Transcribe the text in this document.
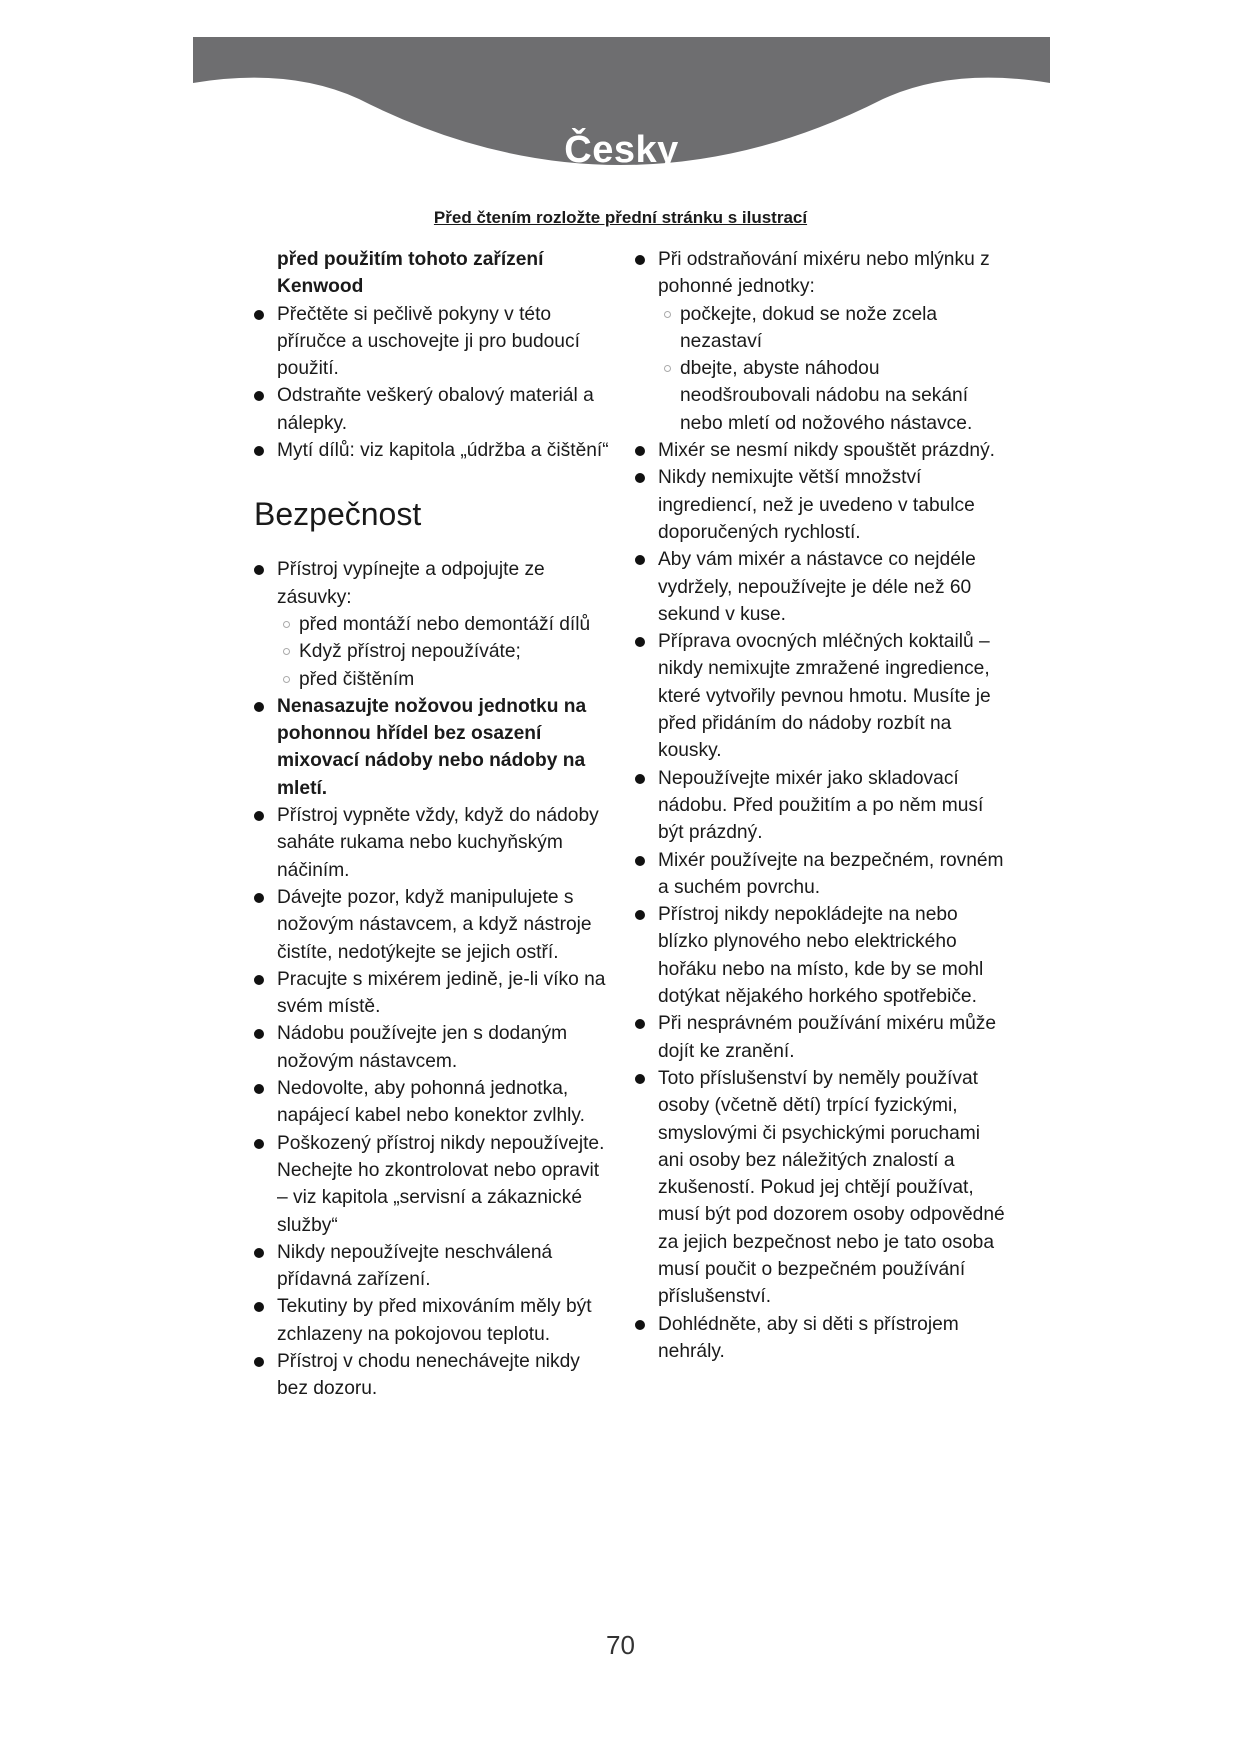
Česky
Před čtením rozložte přední stránku s ilustrací

před použitím tohoto zařízení Kenwood

Přečtěte si pečlivě pokyny v této příručce a uschovejte ji pro budoucí použití.

Odstraňte veškerý obalový materiál a nálepky.

Mytí dílů: viz kapitola „údržba a čištění“

Bezpečnost

Přístroj vypínejte a odpojujte ze zásuvky:

před montáží nebo demontáží dílů

Když přístroj nepoužíváte;

před čištěním

Nenasazujte nožovou jednotku na pohonnou hřídel bez osazení mixovací nádoby nebo nádoby na mletí.

Přístroj vypněte vždy, když do nádoby saháte rukama nebo kuchyňským náčiním.

Dávejte pozor, když manipulujete s nožovým nástavcem, a když nástroje čistíte, nedotýkejte se jejich ostří.

Pracujte s mixérem jedině, je-li víko na svém místě.

Nádobu používejte jen s dodaným nožovým nástavcem.

Nedovolte, aby pohonná jednotka, napájecí kabel nebo konektor zvlhly.

Poškozený přístroj nikdy nepoužívejte. Nechejte ho zkontrolovat nebo opravit – viz kapitola „servisní a zákaznické služby“

Nikdy nepoužívejte neschválená přídavná zařízení.

Tekutiny by před mixováním měly být zchlazeny na pokojovou teplotu.

Přístroj v chodu nenechávejte nikdy bez dozoru.

Při odstraňování mixéru nebo mlýnku z pohonné jednotky:

počkejte, dokud se nože zcela nezastaví

dbejte, abyste náhodou neodšroubovali nádobu na sekání nebo mletí od nožového nástavce.

Mixér se nesmí nikdy spouštět prázdný.

Nikdy nemixujte větší množství ingrediencí, než je uvedeno v tabulce doporučených rychlostí.

Aby vám mixér a nástavce co nejdéle vydržely, nepoužívejte je déle než 60 sekund v kuse.

Příprava ovocných mléčných koktailů – nikdy nemixujte zmražené ingredience, které vytvořily pevnou hmotu. Musíte je před přidáním do nádoby rozbít na kousky.

Nepoužívejte mixér jako skladovací nádobu. Před použitím a po něm musí být prázdný.

Mixér používejte na bezpečném, rovném a suchém povrchu.

Přístroj nikdy nepokládejte na nebo blízko plynového nebo elektrického hořáku nebo na místo, kde by se mohl dotýkat nějakého horkého spotřebiče.

Při nesprávném používání mixéru může dojít ke zranění.

Toto příslušenství by neměly používat osoby (včetně dětí) trpící fyzickými, smyslovými či psychickými poruchami ani osoby bez náležitých znalostí a zkušeností. Pokud jej chtějí používat, musí být pod dozorem osoby odpovědné za jejich bezpečnost nebo je tato osoba musí poučit o bezpečném používání příslušenství.

Dohlédněte, aby si děti s přístrojem nehrály.

70
